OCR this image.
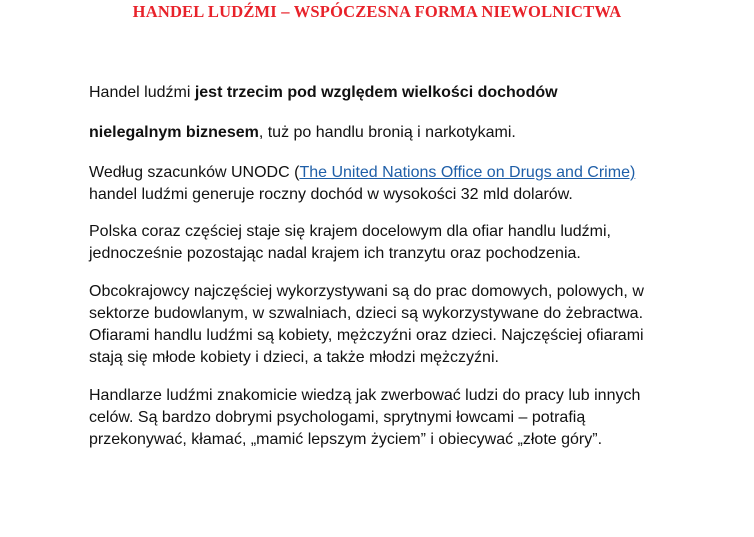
HANDEL LUDŹMI – WSPÓCZESNA FORMA NIEWOLNICTWA

Handel ludźmi jest trzecim pod względem wielkości dochodów

nielegalnym biznesem, tuż po handlu bronią i narkotykami.

Według szacunków UNODC (The United Nations Office on Drugs and Crime) handel ludźmi generuje roczny dochód w wysokości 32 mld dolarów.

Polska coraz częściej staje się krajem docelowym dla ofiar handlu ludźmi, jednocześnie pozostając nadal krajem ich tranzytu oraz pochodzenia.

Obcokrajowcy najczęściej wykorzystywani są do prac domowych, polowych, w sektorze budowlanym, w szwalniach, dzieci są wykorzystywane do żebractwa. Ofiarami handlu ludźmi są kobiety, mężczyźni oraz dzieci. Najczęściej ofiarami stają się młode kobiety i dzieci, a także młodzi mężczyźni.

Handlarze ludźmi znakomicie wiedzą jak zwerbować ludzi do pracy lub innych celów. Są bardzo dobrymi psychologami, sprytnymi łowcami – potrafią przekonywać, kłamać, „mamić lepszym życiem” i obiecywać „złote góry”.
